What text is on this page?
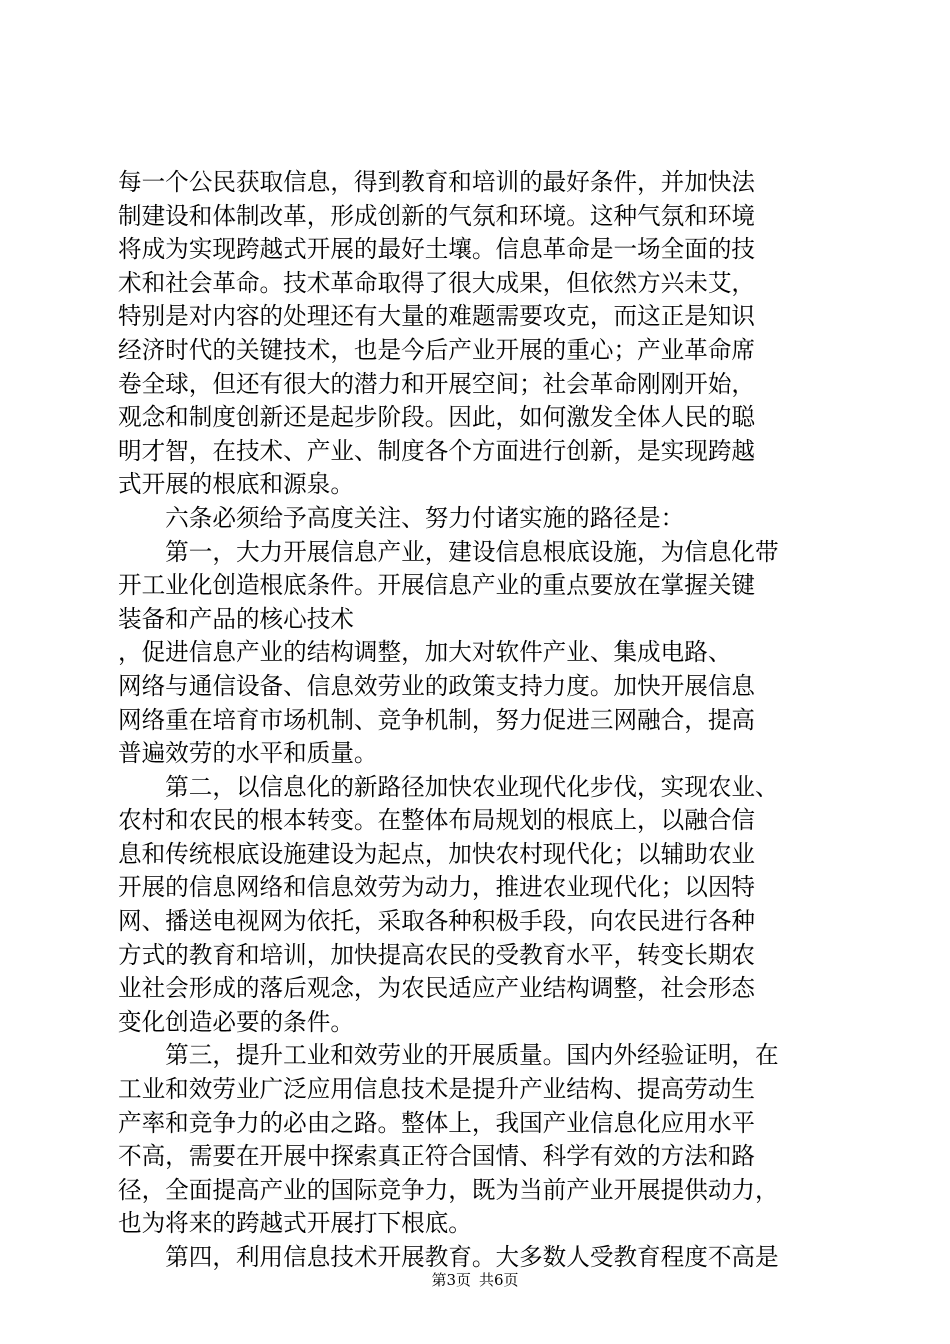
每一个公民获取信息，得到教育和培训的最好条件，并加快法
制建设和体制改革，形成创新的气氛和环境。这种气氛和环境
将成为实现跨越式开展的最好土壤。信息革命是一场全面的技
术和社会革命。技术革命取得了很大成果，但依然方兴未艾，
特别是对内容的处理还有大量的难题需要攻克，而这正是知识
经济时代的关键技术，也是今后产业开展的重心；产业革命席
卷全球，但还有很大的潜力和开展空间；社会革命刚刚开始，
观念和制度创新还是起步阶段。因此，如何激发全体人民的聪
明才智，在技术、产业、制度各个方面进行创新，是实现跨越
式开展的根底和源泉。
　　六条必须给予高度关注、努力付诸实施的路径是：
　　第一，大力开展信息产业，建设信息根底设施，为信息化带
开工业化创造根底条件。开展信息产业的重点要放在掌握关键
装备和产品的核心技术
，促进信息产业的结构调整，加大对软件产业、集成电路、
网络与通信设备、信息效劳业的政策支持力度。加快开展信息
网络重在培育市场机制、竞争机制，努力促进三网融合，提高
普遍效劳的水平和质量。
　　第二，以信息化的新路径加快农业现代化步伐，实现农业、
农村和农民的根本转变。在整体布局规划的根底上，以融合信
息和传统根底设施建设为起点，加快农村现代化；以辅助农业
开展的信息网络和信息效劳为动力，推进农业现代化；以因特
网、播送电视网为依托，采取各种积极手段，向农民进行各种
方式的教育和培训，加快提高农民的受教育水平，转变长期农
业社会形成的落后观念，为农民适应产业结构调整，社会形态
变化创造必要的条件。
　　第三，提升工业和效劳业的开展质量。国内外经验证明，在
工业和效劳业广泛应用信息技术是提升产业结构、提高劳动生
产率和竞争力的必由之路。整体上，我国产业信息化应用水平
不高，需要在开展中探索真正符合国情、科学有效的方法和路
径，全面提高产业的国际竞争力，既为当前产业开展提供动力，
也为将来的跨越式开展打下根底。
　　第四，利用信息技术开展教育。大多数人受教育程度不高是
第3页 共6页
